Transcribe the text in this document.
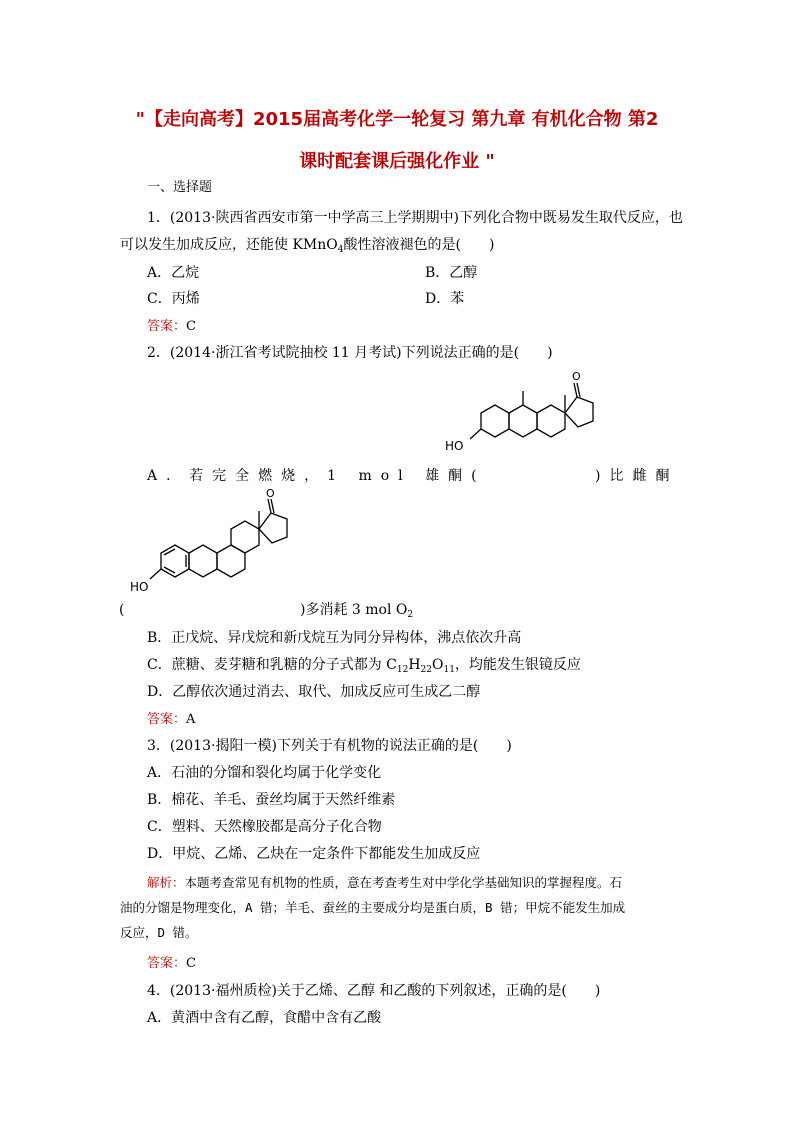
"【走向高考】2015届高考化学一轮复习 第九章 有机化合物 第2
课时配套课后强化作业 "
一、选择题
1．(2013·陕西省西安市第一中学高三上学期期中)下列化合物中既易发生取代反应，也
可以发生加成反应，还能使 KMnO$_4$酸性溶液褪色的是(　　)
A．乙烷	B．乙醇
C．丙烯	D．苯
答案：C
2．(2014·浙江省考试院抽校 11 月考试)下列说法正确的是(　　)
O
HO
A．若完全燃烧，1 mol 雄酮(	)比雌酮
O
HO
(	)多消耗 3 mol $O_2$
B．正戊烷、异戊烷和新戊烷互为同分异构体，沸点依次升高
C．蔗糖、麦芽糖和乳糖的分子式都为 $C_{12}H_{22}O_{11}$，均能发生银镜反应
D．乙醇依次通过消去、取代、加成反应可生成乙二醇
答案：A
3．(2013·揭阳一模)下列关于有机物的说法正确的是(　　)
A．石油的分馏和裂化均属于化学变化
B．棉花、羊毛、蚕丝均属于天然纤维素
C．塑料、天然橡胶都是高分子化合物
D．甲烷、乙烯、乙炔在一定条件下都能发生加成反应
解析：本题考查常见有机物的性质，意在考查考生对中学化学基础知识的掌握程度。石
油的分馏是物理变化，A 错；羊毛、蚕丝的主要成分均是蛋白质，B 错；甲烷不能发生加成
反应，D 错。
答案：C
4．(2013·福州质检)关于乙烯、乙醇 和乙酸的下列叙述，正确的是(　　)
A．黄酒中含有乙醇，食醋中含有乙酸
